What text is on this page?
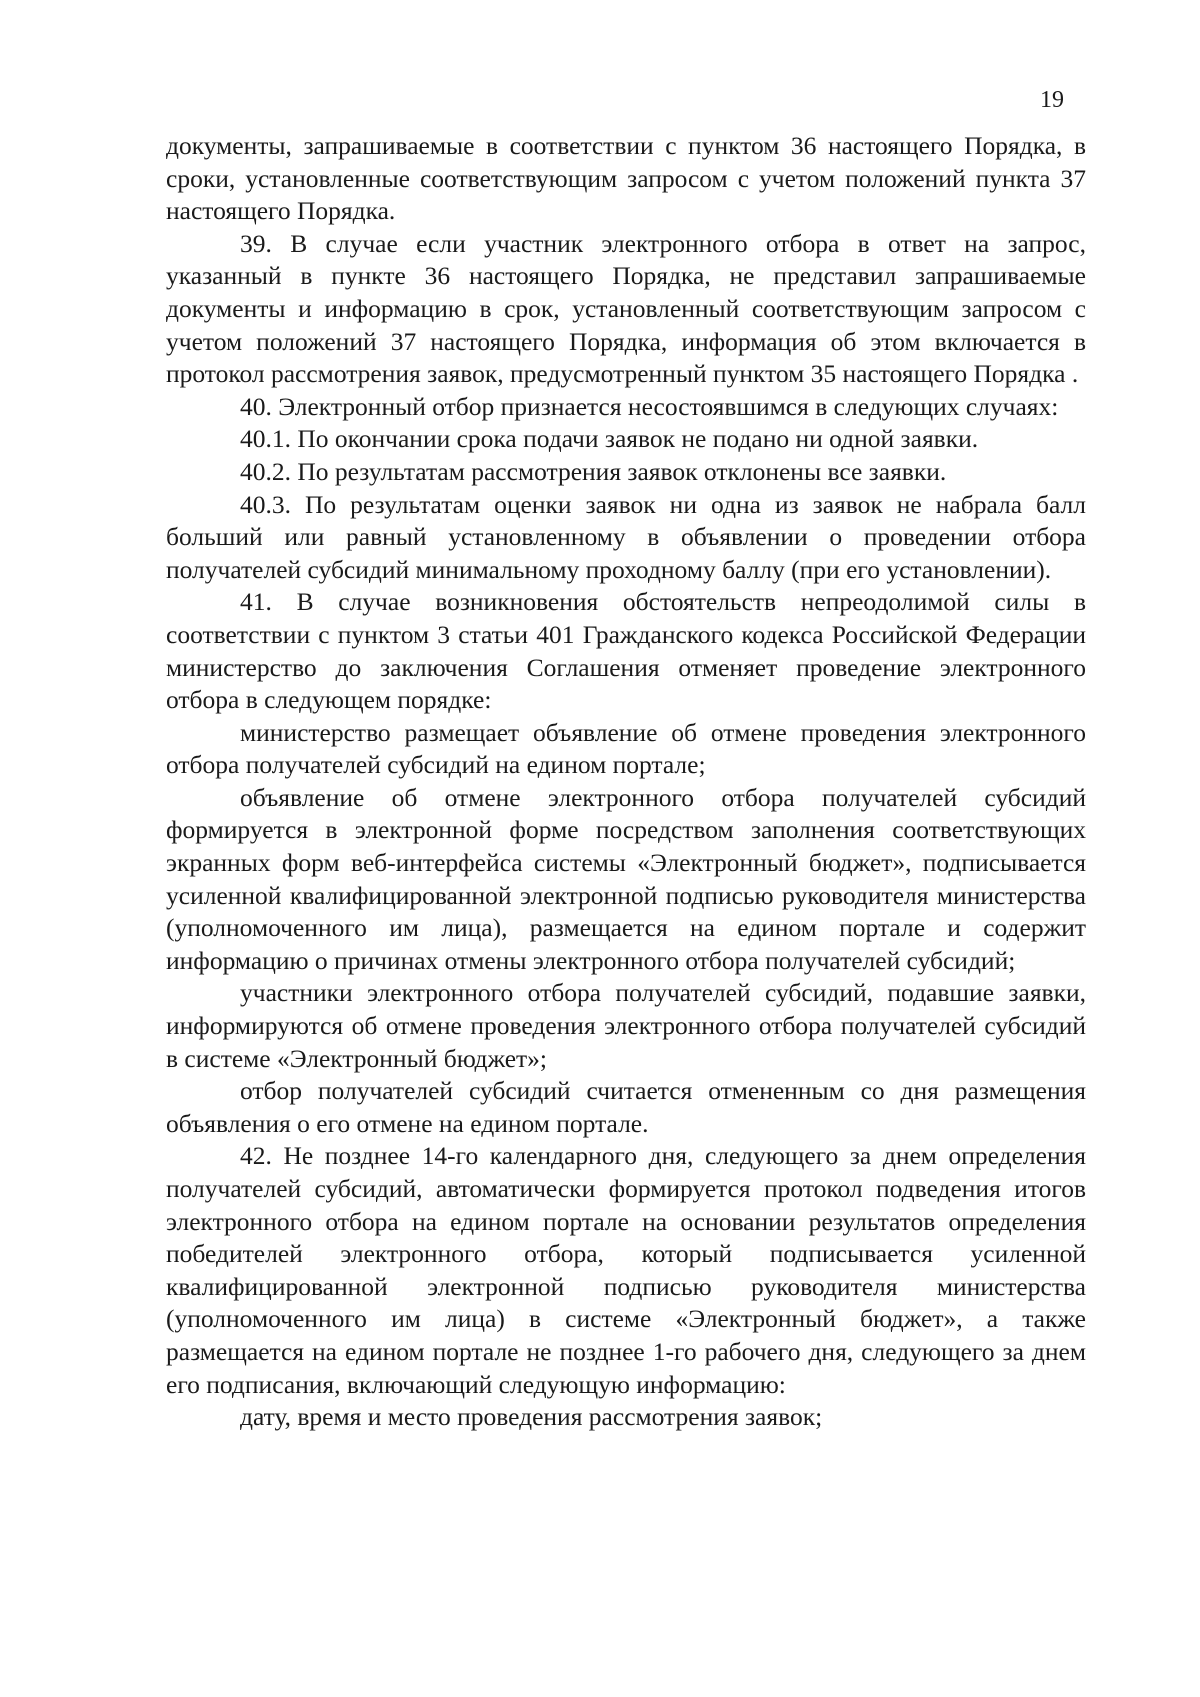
19

документы, запрашиваемые в соответствии с пунктом 36 настоящего Порядка, в сроки, установленные соответствующим запросом с учетом положений пункта 37 настоящего Порядка.

39. В случае если участник электронного отбора в ответ на запрос, указанный в пункте 36 настоящего Порядка, не представил запрашиваемые документы и информацию в срок, установленный соответствующим запросом с учетом положений 37 настоящего Порядка, информация об этом включается в протокол рассмотрения заявок, предусмотренный пунктом 35 настоящего Порядка .

40. Электронный отбор признается несостоявшимся в следующих случаях:

40.1. По окончании срока подачи заявок не подано ни одной заявки.

40.2. По результатам рассмотрения заявок отклонены все заявки.

40.3. По результатам оценки заявок ни одна из заявок не набрала балл больший или равный установленному в объявлении о проведении отбора получателей субсидий минимальному проходному баллу (при его установлении).

41. В случае возникновения обстоятельств непреодолимой силы в соответствии с пунктом 3 статьи 401 Гражданского кодекса Российской Федерации министерство до заключения Соглашения отменяет проведение электронного отбора в следующем порядке:

министерство размещает объявление об отмене проведения электронного отбора получателей субсидий на едином портале;

объявление об отмене электронного отбора получателей субсидий формируется в электронной форме посредством заполнения соответствующих экранных форм веб-интерфейса системы «Электронный бюджет», подписывается усиленной квалифицированной электронной подписью руководителя министерства (уполномоченного им лица), размещается на едином портале и содержит информацию о причинах отмены электронного отбора получателей субсидий;

участники электронного отбора получателей субсидий, подавшие заявки, информируются об отмене проведения электронного отбора получателей субсидий в системе «Электронный бюджет»;

отбор получателей субсидий считается отмененным со дня размещения объявления о его отмене на едином портале.

42. Не позднее 14-го календарного дня, следующего за днем определения получателей субсидий, автоматически формируется протокол подведения итогов электронного отбора на едином портале на основании результатов определения победителей электронного отбора, который подписывается усиленной квалифицированной электронной подписью руководителя министерства (уполномоченного им лица) в системе «Электронный бюджет», а также размещается на едином портале не позднее 1-го рабочего дня, следующего за днем его подписания, включающий следующую информацию:

дату, время и место проведения рассмотрения заявок;
